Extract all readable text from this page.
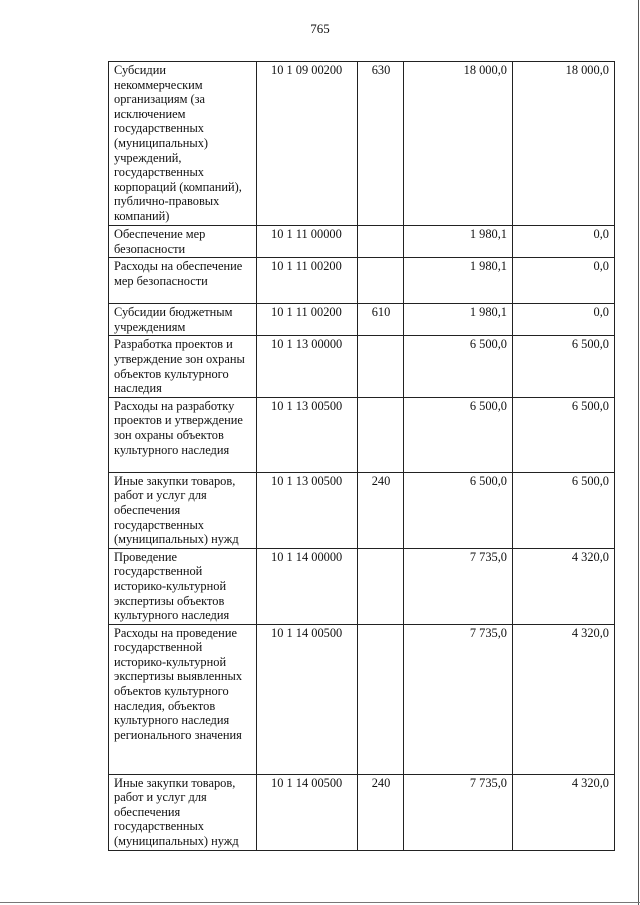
765
Субсидии некоммерческим организациям (за исключением государственных (муниципальных) учреждений, государственных корпораций (компаний), публично-правовых компаний)	10 1 09 00200	630	18 000,0	18 000,0
Обеспечение мер безопасности	10 1 11 00000		1 980,1	0,0
Расходы на обеспечение мер безопасности	10 1 11 00200		1 980,1	0,0
Субсидии бюджетным учреждениям	10 1 11 00200	610	1 980,1	0,0
Разработка проектов и утверждение зон охраны объектов культурного наследия	10 1 13 00000		6 500,0	6 500,0
Расходы на разработку проектов и утверждение зон охраны объектов культурного наследия	10 1 13 00500		6 500,0	6 500,0
Иные закупки товаров, работ и услуг для обеспечения государственных (муниципальных) нужд	10 1 13 00500	240	6 500,0	6 500,0
Проведение государственной историко-культурной экспертизы объектов культурного наследия	10 1 14 00000		7 735,0	4 320,0
Расходы на проведение государственной историко-культурной экспертизы выявленных объектов культурного наследия, объектов культурного наследия регионального значения	10 1 14 00500		7 735,0	4 320,0
Иные закупки товаров, работ и услуг для обеспечения государственных (муниципальных) нужд	10 1 14 00500	240	7 735,0	4 320,0
